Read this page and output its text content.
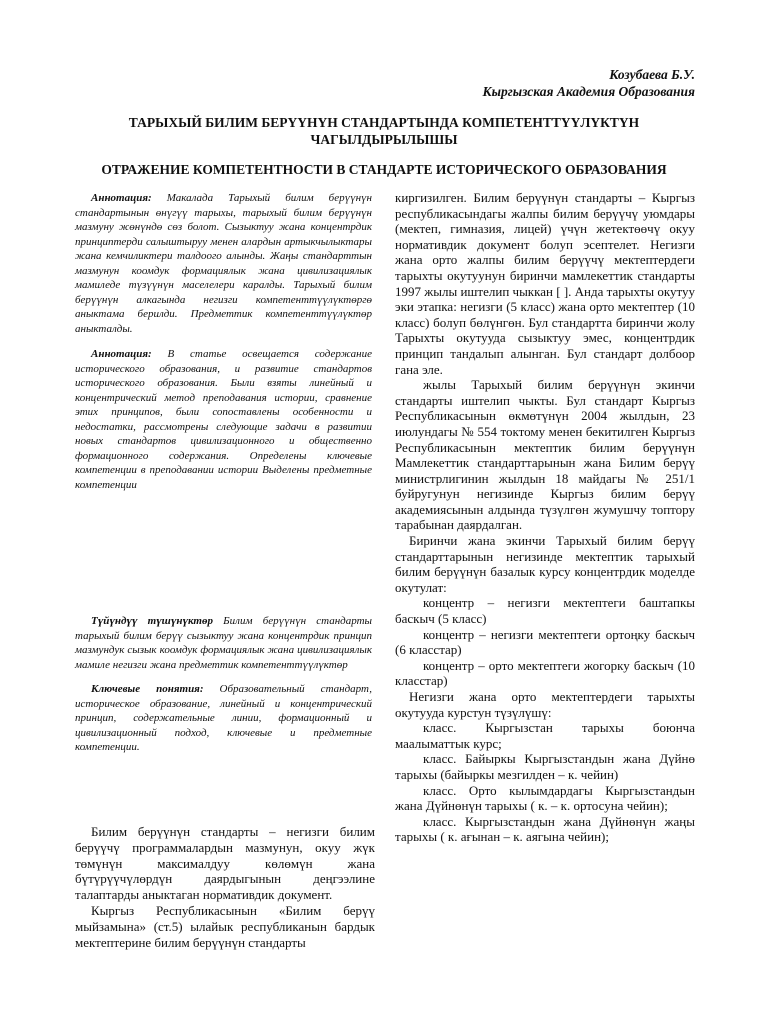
Козубаева Б.У.
Кыргызская Академия Образования
ТАРЫХЫЙ БИЛИМ БЕРҮҮНҮН СТАНДАРТЫНДА КОМПЕТЕНТТҮҮЛҮКТҮН ЧАГЫЛДЫРЫЛЫШЫ
ОТРАЖЕНИЕ КОМПЕТЕНТНОСТИ В СТАНДАРТЕ ИСТОРИЧЕСКОГО ОБРАЗОВАНИЯ

Аннотация: Макалада Тарыхый билим берүүнүн стандартынын өнүгүү тарыхы, тарыхый билим берүүнүн мазмуну жөнүндө сөз болот. Сызыктуу жана концентрдик принциптерди салыштыруу менен алардын артыкчылыктары жана кемчиликтери талдоого алынды. Жаңы стандарттын мазмунун коомдук формациялык жана цивилизациялык мамиледе түзүүнүн маселелери каралды. Тарыхый билим берүүнүн алкагында негизги компетенттүүлүктөргө аныктама берилди. Предметтик компетенттүүлүктөр аныкталды.

Аннотация: В статье освещается содержание исторического образования, и развитие стандартов исторического образования. Были взяты линейный и концентрический метод преподавания истории, сравнение этих принципов, были сопоставлены особенности и недостатки, рассмотрены следующие задачи в развитии новых стандартов цивилизационного и общественно формационного содержания. Определены ключевые компетенции в преподавании истории Выделены предметные компетенции

Түйүндүү түшүнүктөр Билим берүүнүн стандарты тарыхый билим берүү сызыктуу жана концентрдик принцип мазмундук сызык коомдук формациялык жана цивилизациялык мамиле негизги жана предметтик компетенттүүлүктөр

Ключевые понятия: Образовательный стандарт, историческое образование, линейный и концентрический принцип, содержательные линии, формационный и цивилизационный подход, ключевые и предметные компетенции.

Билим берүүнүн стандарты – негизги билим берүүчү программалардын мазмунун, окуу жүк төмүнүн максималдуу көлөмүн жана бүтүрүүчүлөрдүн даярдыгынын деңгээлине талаптарды аныктаган нормативдик документ.

Кыргыз Республикасынын «Билим берүү мыйзамына» (ст.5) ылайык республиканын бардык мектептерине билим берүүнүн стандарты

киргизилген. Билим берүүнүн стандарты – Кыргыз республикасындагы жалпы билим берүүчү уюмдары (мектеп, гимназия, лицей) үчүн жетектөөчү окуу нормативдик документ болуп эсептелет. Негизги жана орто жалпы билим берүүчү мектептердеги тарыхты окутуунун биринчи мамлекеттик стандарты 1997 жылы иштелип чыккан [ ]. Анда тарыхты окутуу эки этапка: негизги (5 класс) жана орто мектептер (10 класс) болуп бөлүнгөн. Бул стандартта биринчи жолу Тарыхты окутууда сызыктуу эмес, концентрдик принцип тандалып алынган. Бул стандарт долбоор гана эле.

жылы Тарыхый билим берүүнүн экинчи стандарты иштелип чыкты. Бул стандарт Кыргыз Республикасынын өкмөтүнүн 2004 жылдын, 23 июлундагы № 554 токтому менен бекитилген Кыргыз Республикасынын мектептик билим берүүнүн Мамлекеттик стандарттарынын жана Билим берүү министрлигинин жылдын 18 майдагы № 251/1 буйругунун негизинде Кыргыз билим берүү академиясынын алдында түзүлгөн жумушчу топтору тарабынан даярдалган.

Биринчи жана экинчи Тарыхый билим берүү стандарттарынын негизинде мектептик тарыхый билим берүүнүн базалык курсу концентрдик моделде окутулат:

концентр – негизги мектептеги баштапкы баскыч (5 класс)

концентр – негизги мектептеги ортоңку баскыч (6 класстар)

концентр – орто мектептеги жогорку баскыч (10 класстар)

Негизги жана орто мектептердеги тарыхты окутууда курстун түзүлүшү:

класс. Кыргызстан тарыхы боюнча маалыматтык курс;

класс. Байыркы Кыргызстандын жана Дүйнө тарыхы (байыркы мезгилден – к. чейин)

класс. Орто кылымдардагы Кыргызстандын жана Дүйнөнүн тарыхы ( к. – к. ортосуна чейин);

класс. Кыргызстандын жана Дүйнөнүн жаңы тарыхы ( к. ағынан – к. аягына чейин);
